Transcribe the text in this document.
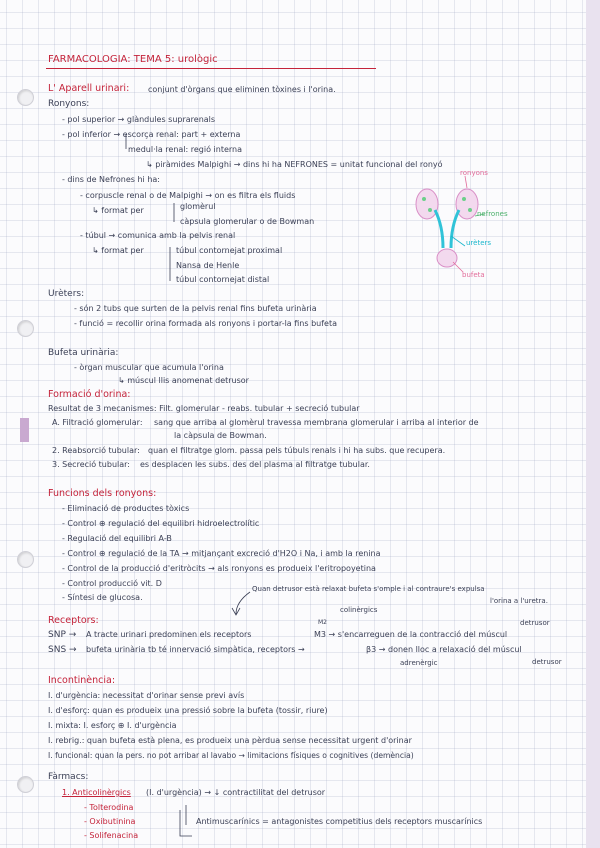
FARMACOLOGIA: TEMA 5: urològic
L' Aparell urinari: conjunt d'òrgans que eliminen tòxines i l'orina.
Ronyons:
- pol superior → glàndules suprarenals
- pol inferior → escorça renal: part + externa
medul·la renal: regió interna
↳ piràmides Malpighi → dins hi ha NEFRONES = unitat funcional del ronyó
- dins de Nefrones hi ha:
- corpuscle renal o de Malpighi → on es filtra els fluids
↳ format per	glomèrul
càpsula glomerular o de Bowman
- túbul → comunica amb la pelvis renal
↳ format per	túbul contornejat proximal
Nansa de Henle
túbul contornejat distal
ronyons
nefrones
urèters
bufeta
Urèters:
- són 2 tubs que surten de la pelvis renal fins bufeta urinària
- funció = recollir orina formada als ronyons i portar-la fins bufeta
Bufeta urinària:
- òrgan muscular que acumula l'orina
↳ múscul llis anomenat detrusor
Formació d'orina:
Resultat de 3 mecanismes: Filt. glomerular - reabs. tubular + secreció tubular
A. Filtració glomerular: sang que arriba al glomèrul travessa membrana glomerular i arriba al interior de
la càpsula de Bowman.
2. Reabsorció tubular: quan el filtratge glom. passa pels túbuls renals i hi ha subs. que recupera.
3. Secreció tubular: es desplacen les subs. des del plasma al filtratge tubular.
Funcions dels ronyons:
- Eliminació de productes tòxics
- Control ⊕ regulació del equilibri hidroelectrolític
- Regulació del equilibri A-B
- Control ⊕ regulació de la TA → mitjançant excreció d'H2O i Na, i amb la renina
- Control de la producció d'eritròcits → als ronyons es produeix l'eritropoyetina
- Control producció vit. D
- Síntesi de glucosa.
Quan detrusor està relaxat bufeta s'omple i al contraure's expulsa
l'orina a l'uretra.
Receptors:
colinèrgics
M2	detrusor
SNP → A tracte urinari predominen els receptors	M3 → s'encarreguen de la contracció del múscul
SNS → bufeta urinària tb té innervació simpàtica, receptors →	β3 → donen lloc a relaxació del múscul
adrenèrgic	detrusor
Incontinència:
I. d'urgència: necessitat d'orinar sense previ avís
I. d'esforç: quan es produeix una pressió sobre la bufeta (tossir, riure)
I. mixta: I. esforç ⊕ I. d'urgència
I. rebrig.: quan bufeta està plena, es produeix una pèrdua sense necessitat urgent d'orinar
I. funcional: quan la pers. no pot arribar al lavabo → limitacions físiques o cognitives (demència)
Fàrmacs:
1. Anticolinèrgics (I. d'urgència) → ↓ contractilitat del detrusor
- Tolterodina
- Oxibutinina
- Solifenacina
Antimuscarínics = antagonistes competitius dels receptors muscarínics
